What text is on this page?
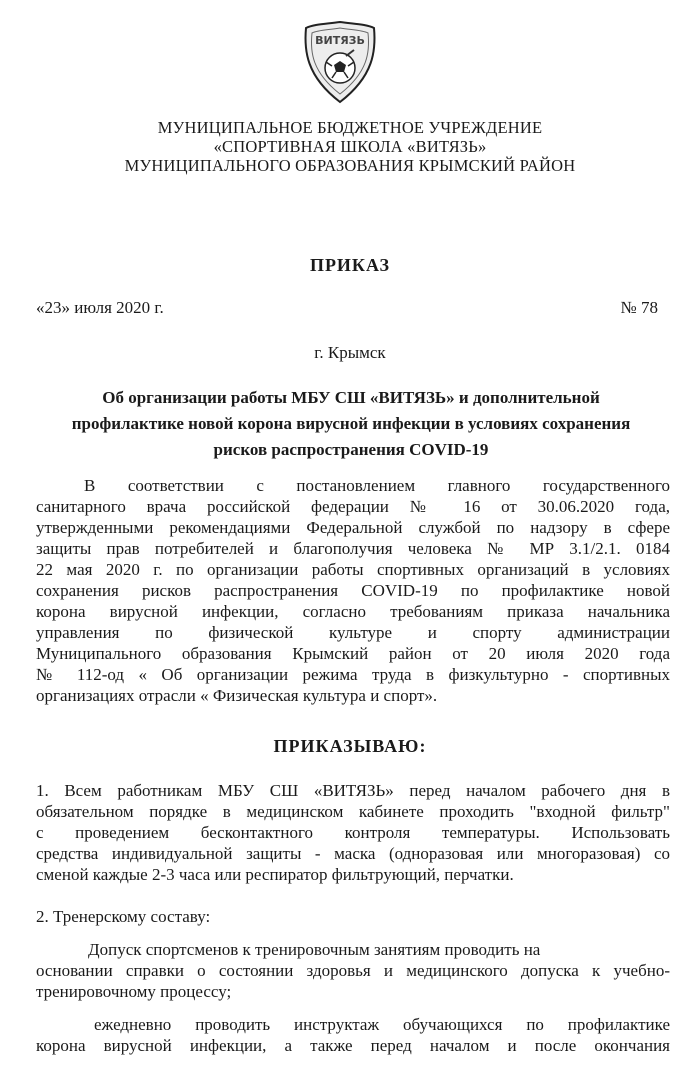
ВИТЯЗЬ
МУНИЦИПАЛЬНОЕ БЮДЖЕТНОЕ УЧРЕЖДЕНИЕ
«СПОРТИВНАЯ ШКОЛА «ВИТЯЗЬ»
МУНИЦИПАЛЬНОГО ОБРАЗОВАНИЯ КРЫМСКИЙ РАЙОН
ПРИКАЗ
«23» июля 2020 г.	№ 78
г. Крымск
Об организации работы МБУ СШ «ВИТЯЗЬ» и дополнительной
профилактике новой корона вирусной инфекции в условиях сохранения
рисков распространения COVID-19
В соответствии с постановлением главного государственного
санитарного врача российской федерации № 16 от 30.06.2020 года,
утвержденными рекомендациями Федеральной службой по надзору в сфере
защиты прав потребителей и благополучия человека № МР 3.1/2.1. 0184
22 мая 2020 г. по организации работы спортивных организаций в условиях
сохранения рисков распространения COVID-19 по профилактике новой
корона вирусной инфекции, согласно требованиям приказа начальника
управления по физической культуре и спорту администрации
Муниципального образования Крымский район от 20 июля 2020 года
№ 112-од « Об организации режима труда в физкультурно - спортивных
организациях отрасли « Физическая культура и спорт».
ПРИКАЗЫВАЮ:
1. Всем работникам МБУ СШ «ВИТЯЗЬ» перед началом рабочего дня в
обязательном порядке в медицинском кабинете проходить "входной фильтр"
с проведением бесконтактного контроля температуры. Использовать
средства индивидуальной защиты - маска (одноразовая или многоразовая) со
сменой каждые 2-3 часа или респиратор фильтрующий, перчатки.
2. Тренерскому составу:
Допуск спортсменов к тренировочным занятиям проводить на
основании справки о состоянии здоровья и медицинского допуска к учебно-
тренировочному процессу;
ежедневно проводить инструктаж обучающихся по профилактике
корона вирусной инфекции, а также перед началом и после окончания
